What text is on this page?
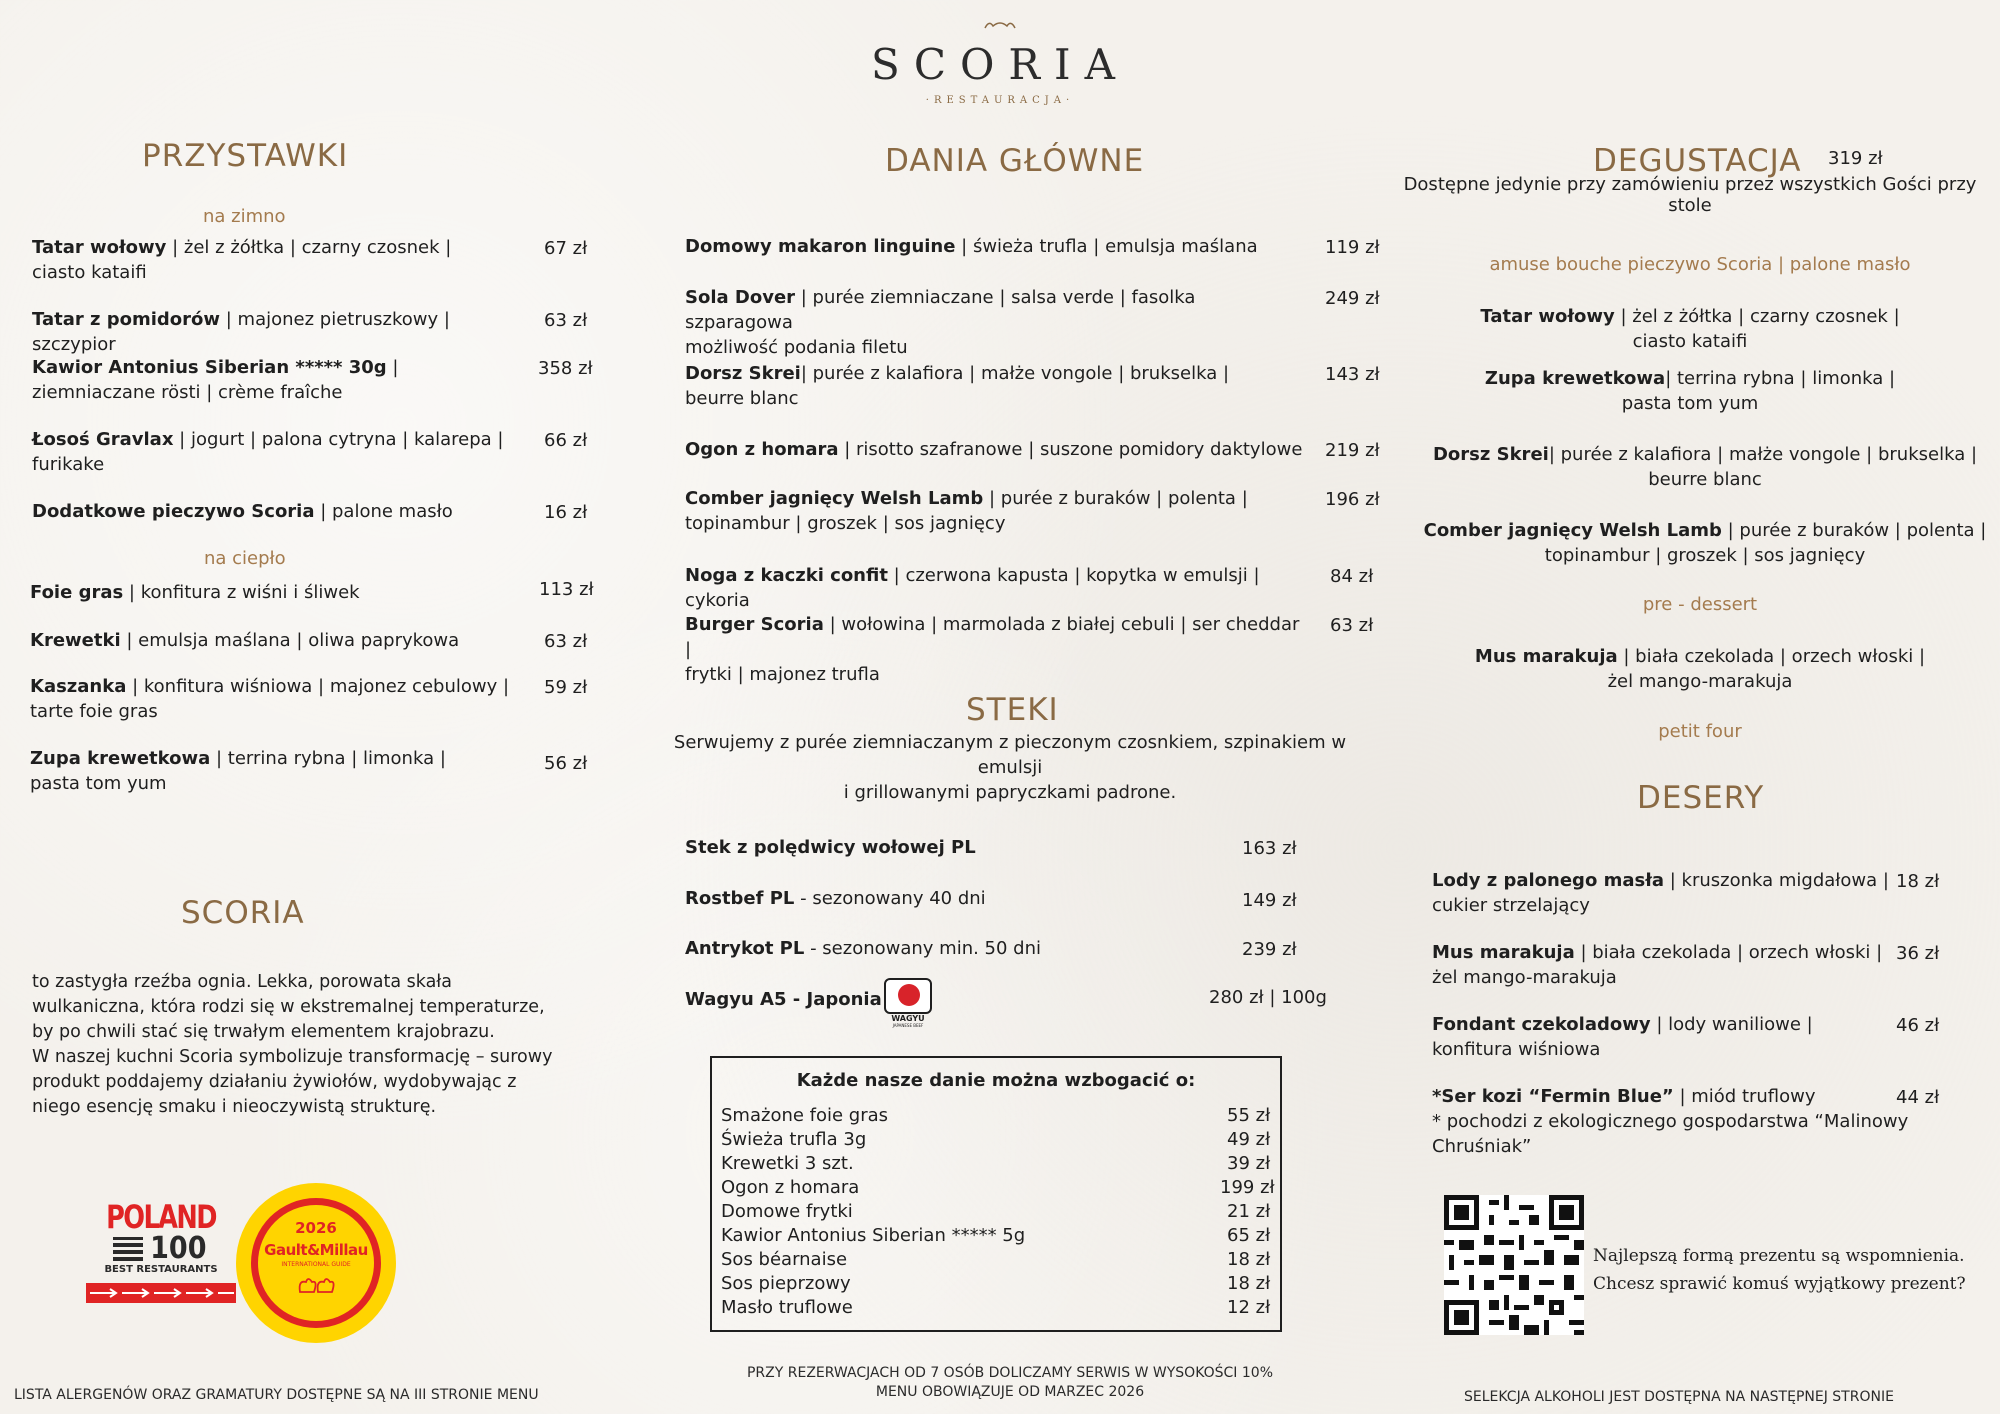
SCORIA
·RESTAURACJA·
PRZYSTAWKI
na zimno
Tatar wołowy | żel z żółtka | czarny czosnek |
ciasto kataifi
67 zł
Tatar z pomidorów | majonez pietruszkowy | szczypior
63 zł
Kawior Antonius Siberian ***** 30g |
ziemniaczane rösti | crème fraîche
358 zł
Łosoś Gravlax | jogurt | palona cytryna | kalarepa |
furikake
66 zł
Dodatkowe pieczywo Scoria | palone masło	16 zł
na ciepło
Foie gras | konfitura z wiśni i śliwek	113 zł
Krewetki | emulsja maślana | oliwa paprykowa	63 zł
Kaszanka | konfitura wiśniowa | majonez cebulowy |
tarte foie gras
59 zł
Zupa krewetkowa | terrina rybna | limonka |
pasta tom yum
56 zł
SCORIA
to zastygła rzeźba ognia. Lekka, porowata skała
wulkaniczna, która rodzi się w ekstremalnej temperaturze,
by po chwili stać się trwałym elementem krajobrazu.
W naszej kuchni Scoria symbolizuje transformację – surowy
produkt poddajemy działaniu żywiołów, wydobywając z
niego esencję smaku i nieoczywistą strukturę.
POLAND
100
BEST RESTAURANTS
2026
Gault&Millau
INTERNATIONAL GUIDE
DANIA GŁÓWNE
Domowy makaron linguine | świeża trufla | emulsja maślana	119 zł
Sola Dover | purée ziemniaczane | salsa verde | fasolka szparagowa
możliwość podania filetu
249 zł
Dorsz Skrei| purée z kalafiora | małże vongole | brukselka |
beurre blanc
143 zł
Ogon z homara | risotto szafranowe | suszone pomidory daktylowe 219 zł
Comber jagnięcy Welsh Lamb | purée z buraków | polenta |
topinambur | groszek | sos jagnięcy
196 zł
Noga z kaczki confit | czerwona kapusta | kopytka w emulsji | cykoria
84 zł
Burger Scoria | wołowina | marmolada z białej cebuli | ser cheddar |
frytki | majonez trufla
63 zł
STEKI
Serwujemy z purée ziemniaczanym z pieczonym czosnkiem, szpinakiem w emulsji
i grillowanymi papryczkami padrone.
Stek z polędwicy wołowej PL	163 zł
Rostbef PL - sezonowany 40 dni	149 zł
Antrykot PL - sezonowany min. 50 dni	239 zł
Wagyu A5 - Japonia
WAGYU
JAPANESE BEEF
280 zł | 100g
Każde nasze danie można wzbogacić o:
Smażone foie gras	55 zł
Świeża trufla 3g	49 zł
Krewetki 3 szt.	39 zł
Ogon z homara	199 zł
Domowe frytki	21 zł
Kawior Antonius Siberian ***** 5g	65 zł
Sos béarnaise	18 zł
Sos pieprzowy	18 zł
Masło truflowe	12 zł
DEGUSTACJA 319 zł
Dostępne jedynie przy zamówieniu przez wszystkich Gości przy stole
amuse bouche pieczywo Scoria | palone masło
Tatar wołowy | żel z żółtka | czarny czosnek |
ciasto kataifi
Zupa krewetkowa| terrina rybna | limonka |
pasta tom yum
Dorsz Skrei| purée z kalafiora | małże vongole | brukselka |
beurre blanc
Comber jagnięcy Welsh Lamb | purée z buraków | polenta |
topinambur | groszek | sos jagnięcy
pre - dessert
Mus marakuja | biała czekolada | orzech włoski |
żel mango-marakuja
petit four
DESERY
Lody z palonego masła | kruszonka migdałowa |
cukier strzelający
18 zł
Mus marakuja | biała czekolada | orzech włoski |
żel mango-marakuja
36 zł
Fondant czekoladowy | lody waniliowe |
konfitura wiśniowa
46 zł
*Ser kozi “Fermin Blue” | miód truflowy
* pochodzi z ekologicznego gospodarstwa “Malinowy Chruśniak”
44 zł
Najlepszą formą prezentu są wspomnienia.
Chcesz sprawić komuś wyjątkowy prezent?
LISTA ALERGENÓW ORAZ GRAMATURY DOSTĘPNE SĄ NA III STRONIE MENU
PRZY REZERWACJACH OD 7 OSÓB DOLICZAMY SERWIS W WYSOKOŚCI 10%
MENU OBOWIĄZUJE OD MARZEC 2026	SELEKCJA ALKOHOLI JEST DOSTĘPNA NA NASTĘPNEJ STRONIE
